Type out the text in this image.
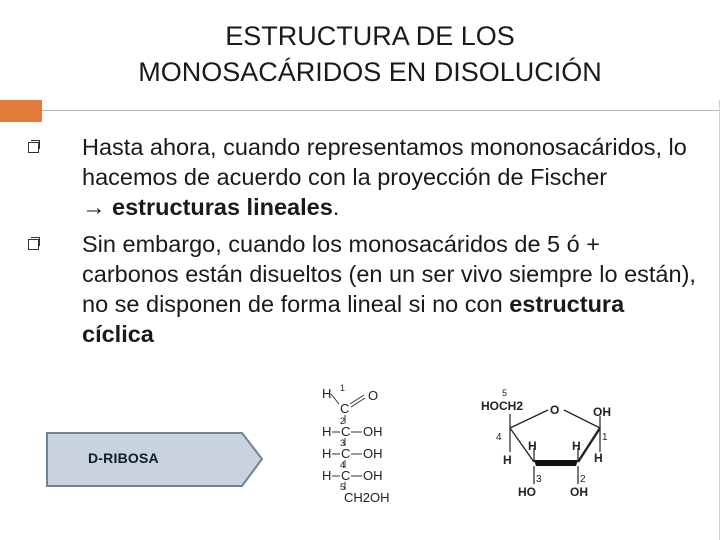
ESTRUCTURA DE LOS
MONOSACÁRIDOS EN DISOLUCIÓN
Hasta ahora, cuando representamos mononosacáridos, lo hacemos de acuerdo con la proyección de Fischer → estructuras lineales.
Sin embargo, cuando los monosacáridos de 5 ó + carbonos están disueltos (en un ser vivo siempre lo están), no se disponen de forma lineal si no con estructura cíclica
D-RIBOSA
H 1
C
O
2
H C OH
3
H C OH
4
H C OH
5
CH2OH
HOCH2
5
O
4	1
OH
H
H
H	H
3	2
HO	OH
